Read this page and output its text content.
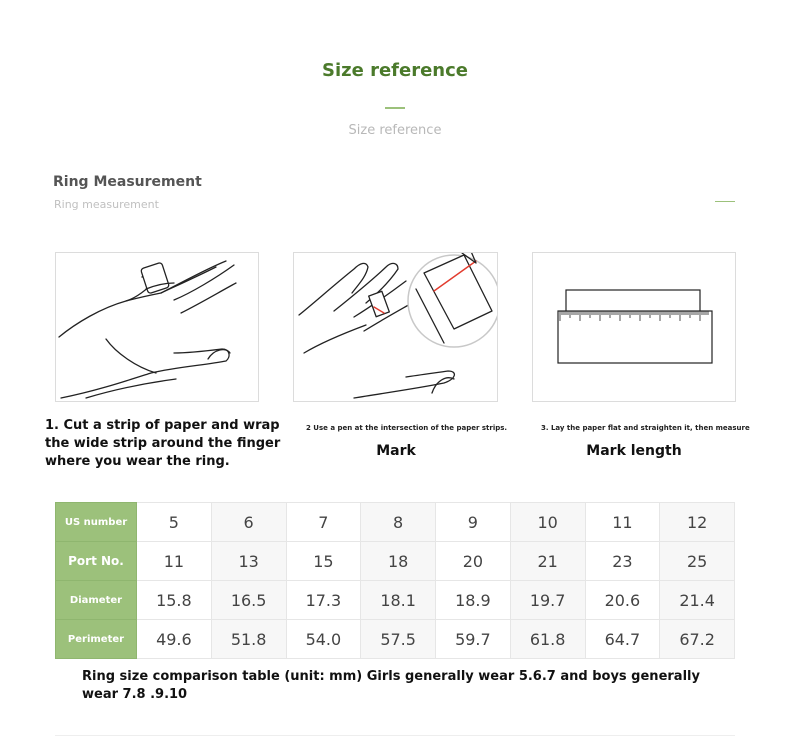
Size reference
Size reference
Ring Measurement
Ring measurement
1. Cut a strip of paper and wrap the wide strip around the finger where you wear the ring.
2 Use a pen at the intersection of the paper strips.	3. Lay the paper flat and straighten it, then measure
Mark	Mark length
US number	5	6	7	8	9	10	11	12
Port No.	11	13	15	18	20	21	23	25
Diameter	15.8	16.5	17.3	18.1	18.9	19.7	20.6	21.4
Perimeter	49.6	51.8	54.0	57.5	59.7	61.8	64.7	67.2
Ring size comparison table (unit: mm) Girls generally wear 5.6.7 and boys generally wear 7.8 .9.10
